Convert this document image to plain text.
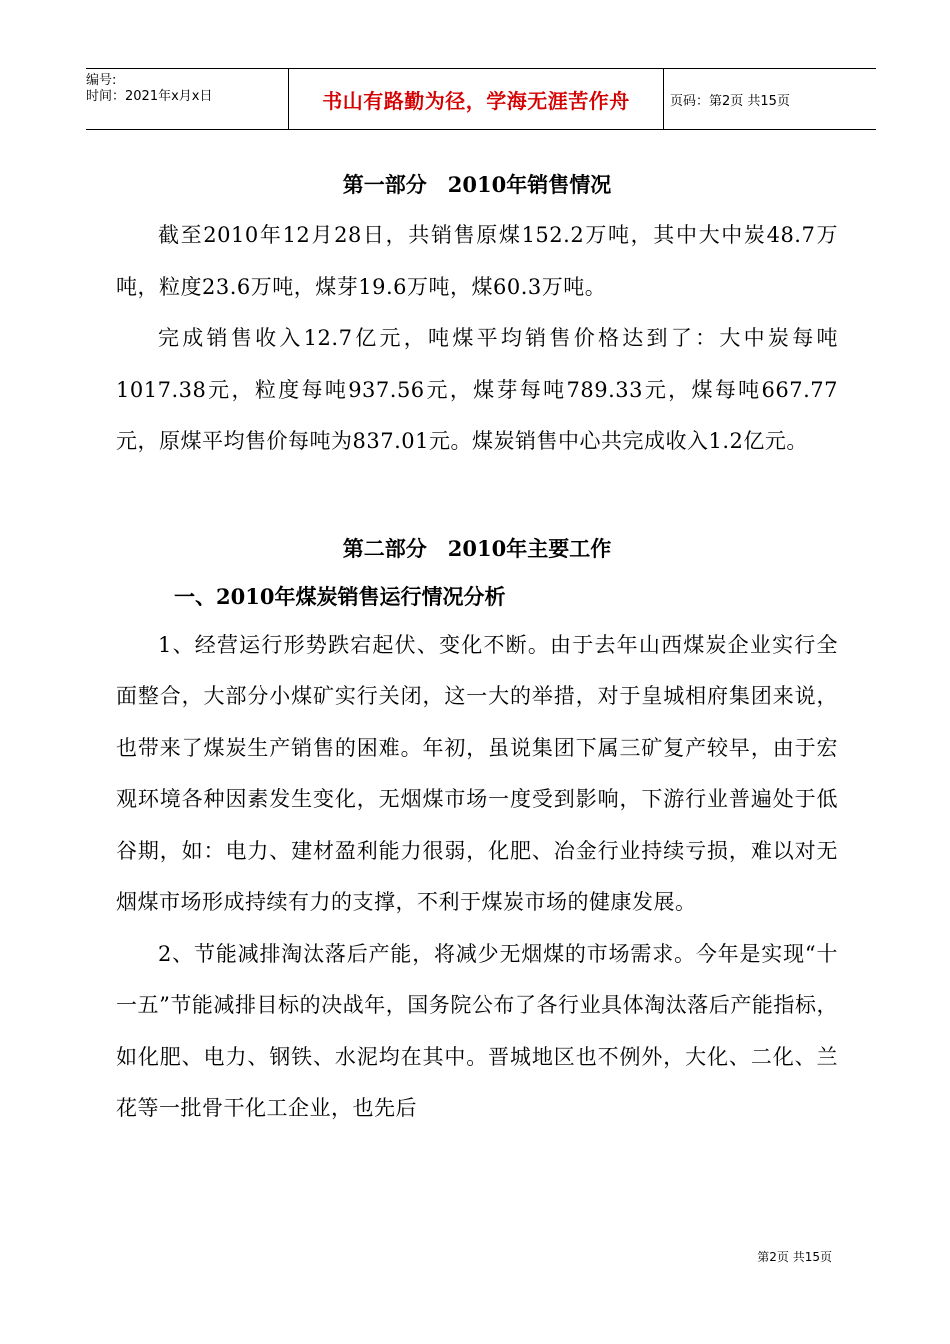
编号:
时间：2021年x月x日	书山有路勤为径，学海无涯苦作舟	页码：第2页 共15页
第一部分　2010年销售情况

截至2010年12月28日，共销售原煤152.2万吨，其中大中炭48.7万吨，粒度23.6万吨，煤芽19.6万吨，煤60.3万吨。

完成销售收入12.7亿元，吨煤平均销售价格达到了：大中炭每吨1017.38元，粒度每吨937.56元，煤芽每吨789.33元，煤每吨667.77元，原煤平均售价每吨为837.01元。煤炭销售中心共完成收入1.2亿元。

第二部分　2010年主要工作
一、2010年煤炭销售运行情况分析

1、经营运行形势跌宕起伏、变化不断。由于去年山西煤炭企业实行全面整合，大部分小煤矿实行关闭，这一大的举措，对于皇城相府集团来说，也带来了煤炭生产销售的困难。年初，虽说集团下属三矿复产较早，由于宏观环境各种因素发生变化，无烟煤市场一度受到影响，下游行业普遍处于低谷期，如：电力、建材盈利能力很弱，化肥、冶金行业持续亏损，难以对无烟煤市场形成持续有力的支撑，不利于煤炭市场的健康发展。

2、节能减排淘汰落后产能，将减少无烟煤的市场需求。今年是实现“十一五”节能减排目标的决战年，国务院公布了各行业具体淘汰落后产能指标，如化肥、电力、钢铁、水泥均在其中。晋城地区也不例外，大化、二化、兰花等一批骨干化工企业，也先后

第2页 共15页
